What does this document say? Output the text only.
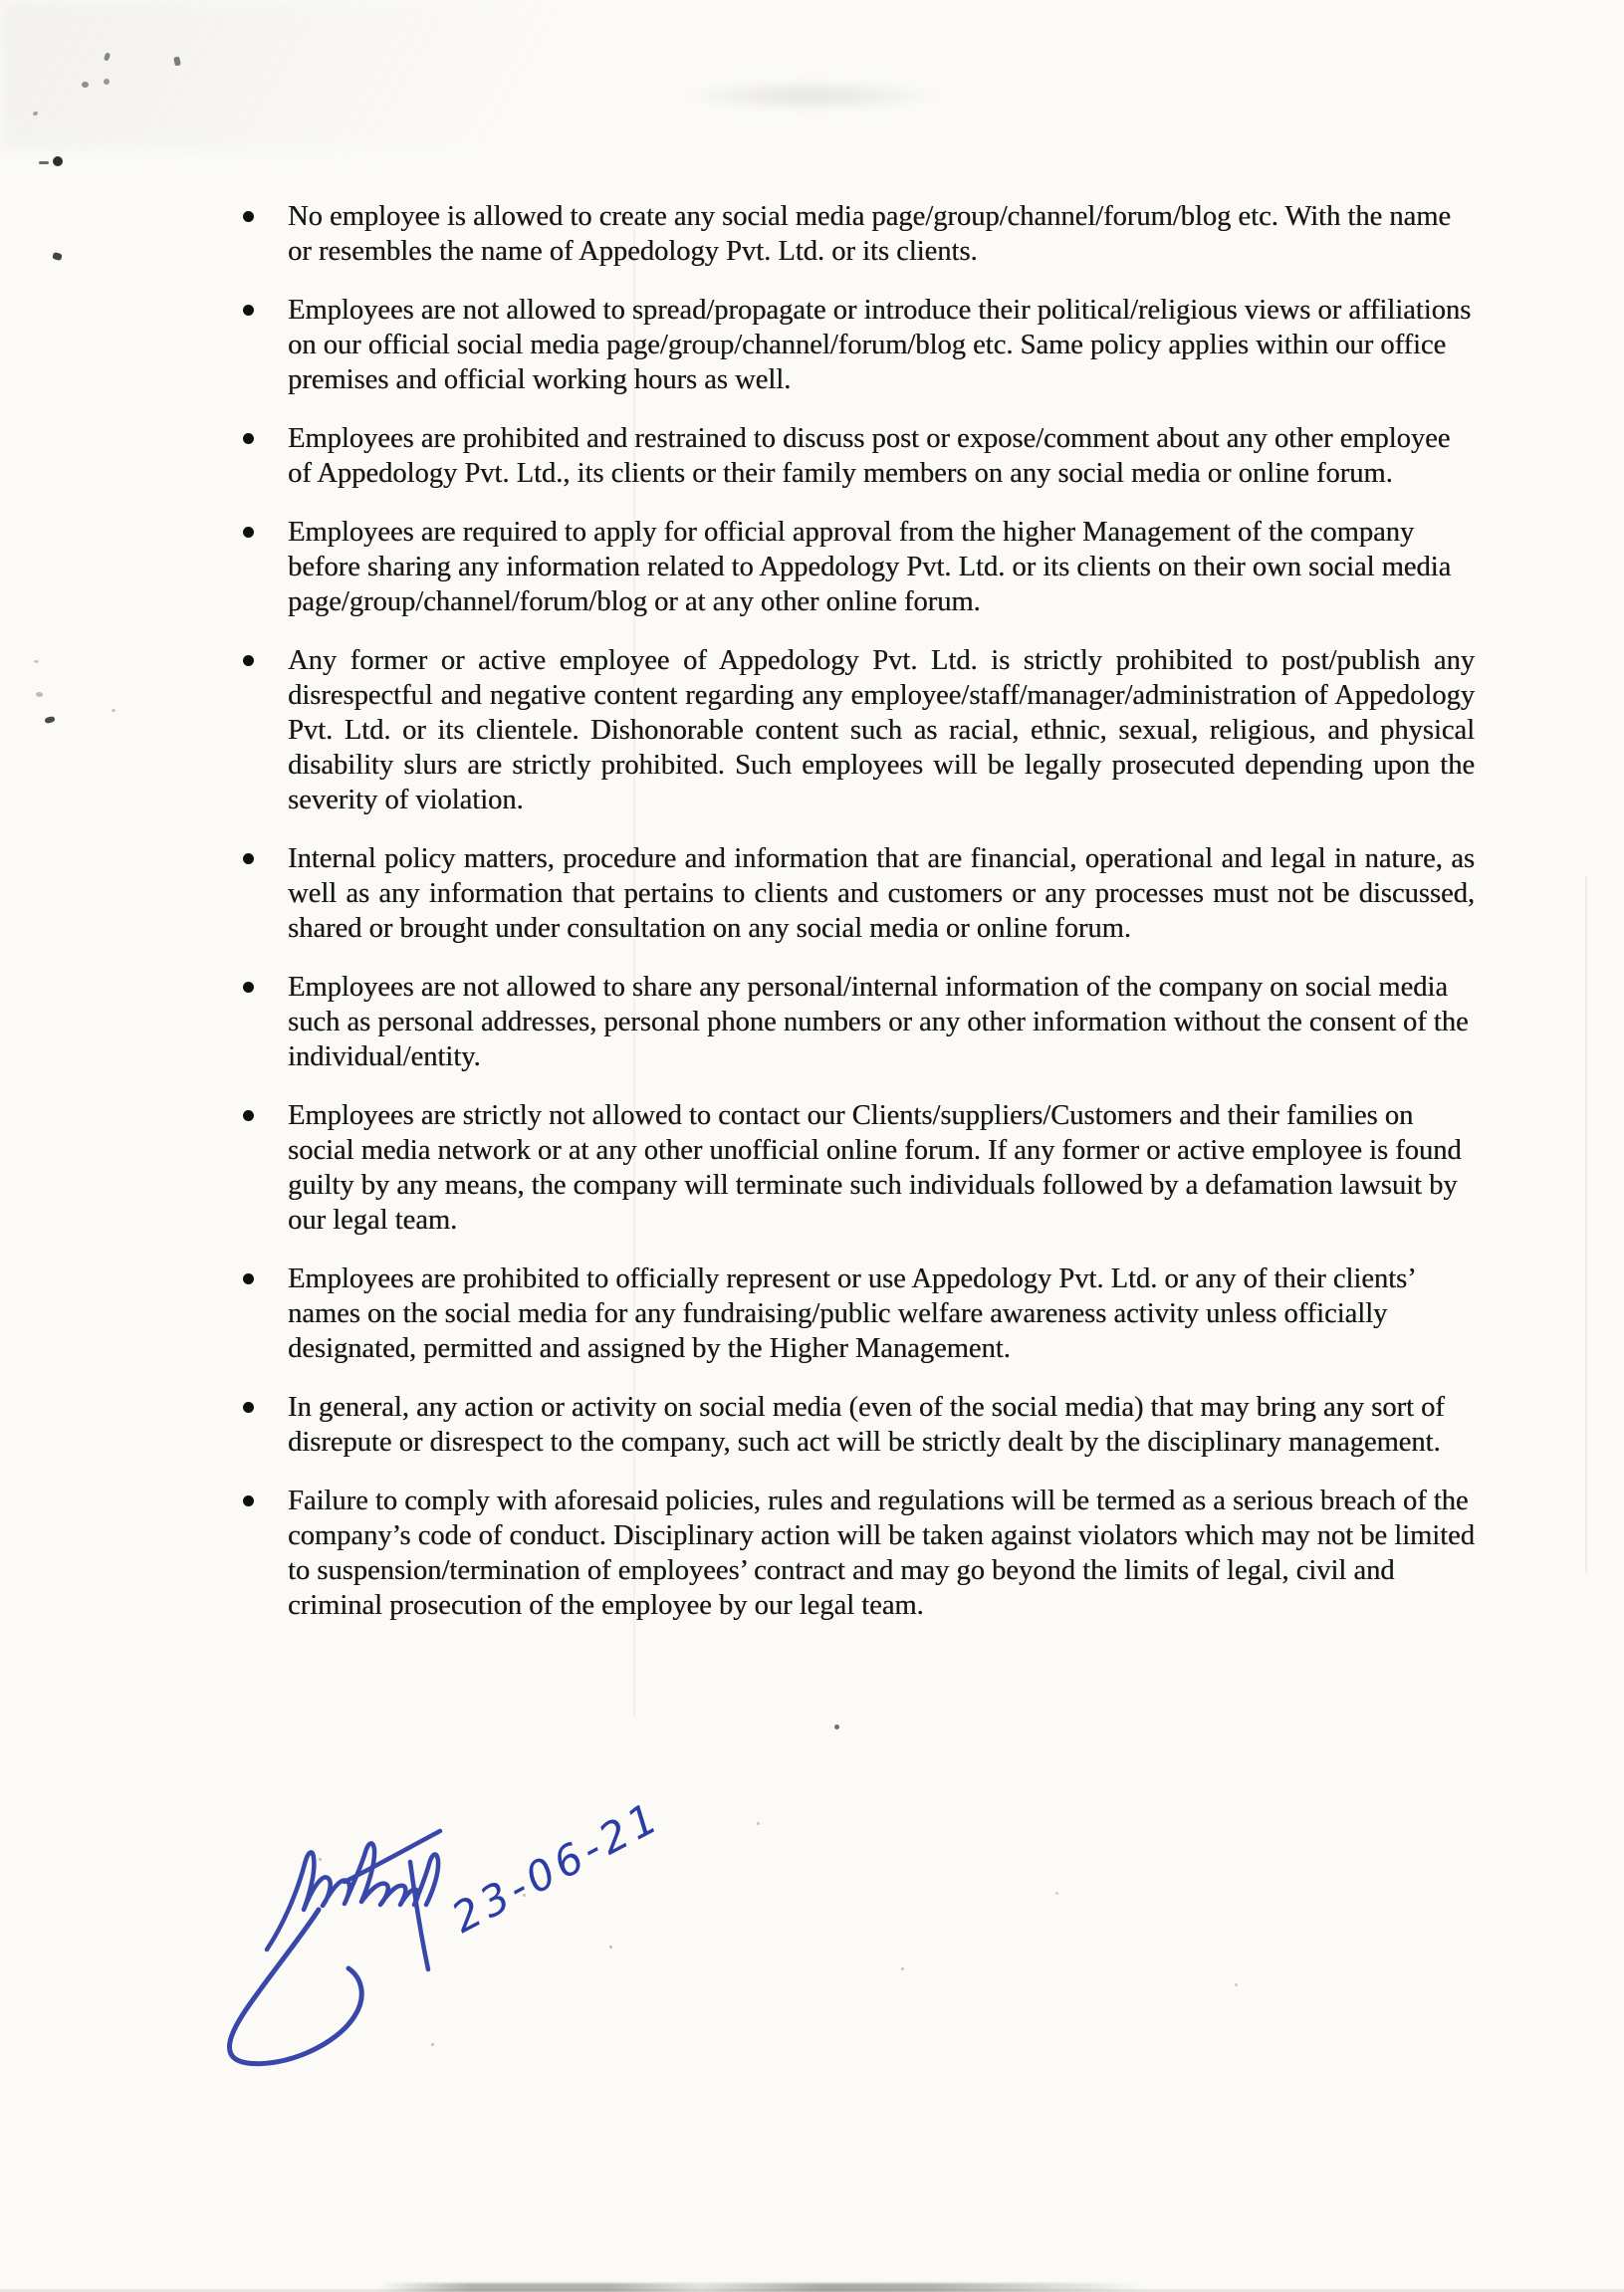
No employee is allowed to create any social media page/group/channel/forum/blog etc. With the name or resembles the name of Appedology Pvt. Ltd. or its clients.

Employees are not allowed to spread/propagate or introduce their political/religious views or affiliations on our official social media page/group/channel/forum/blog etc. Same policy applies within our office premises and official working hours as well.

Employees are prohibited and restrained to discuss post or expose/comment about any other employee of Appedology Pvt. Ltd., its clients or their family members on any social media or online forum.

Employees are required to apply for official approval from the higher Management of the company before sharing any information related to Appedology Pvt. Ltd. or its clients on their own social media page/group/channel/forum/blog or at any other online forum.

Any former or active employee of Appedology Pvt. Ltd. is strictly prohibited to post/publish any disrespectful and negative content regarding any employee/staff/manager/administration of Appedology Pvt. Ltd. or its clientele. Dishonorable content such as racial, ethnic, sexual, religious, and physical disability slurs are strictly prohibited. Such employees will be legally prosecuted depending upon the severity of violation.

Internal policy matters, procedure and information that are financial, operational and legal in nature, as well as any information that pertains to clients and customers or any processes must not be discussed, shared or brought under consultation on any social media or online forum.

Employees are not allowed to share any personal/internal information of the company on social media such as personal addresses, personal phone numbers or any other information without the consent of the individual/entity.

Employees are strictly not allowed to contact our Clients/suppliers/Customers and their families on social media network or at any other unofficial online forum. If any former or active employee is found guilty by any means, the company will terminate such individuals followed by a defamation lawsuit by our legal team.

Employees are prohibited to officially represent or use Appedology Pvt. Ltd. or any of their clients’ names on the social media for any fundraising/public welfare awareness activity unless officially designated, permitted and assigned by the Higher Management.

In general, any action or activity on social media (even of the social media) that may bring any sort of disrepute or disrespect to the company, such act will be strictly dealt by the disciplinary management.

Failure to comply with aforesaid policies, rules and regulations will be termed as a serious breach of the company’s code of conduct. Disciplinary action will be taken against violators which may not be limited to suspension/termination of employees’ contract and may go beyond the limits of legal, civil and criminal prosecution of the employee by our legal team.

23-06-21
